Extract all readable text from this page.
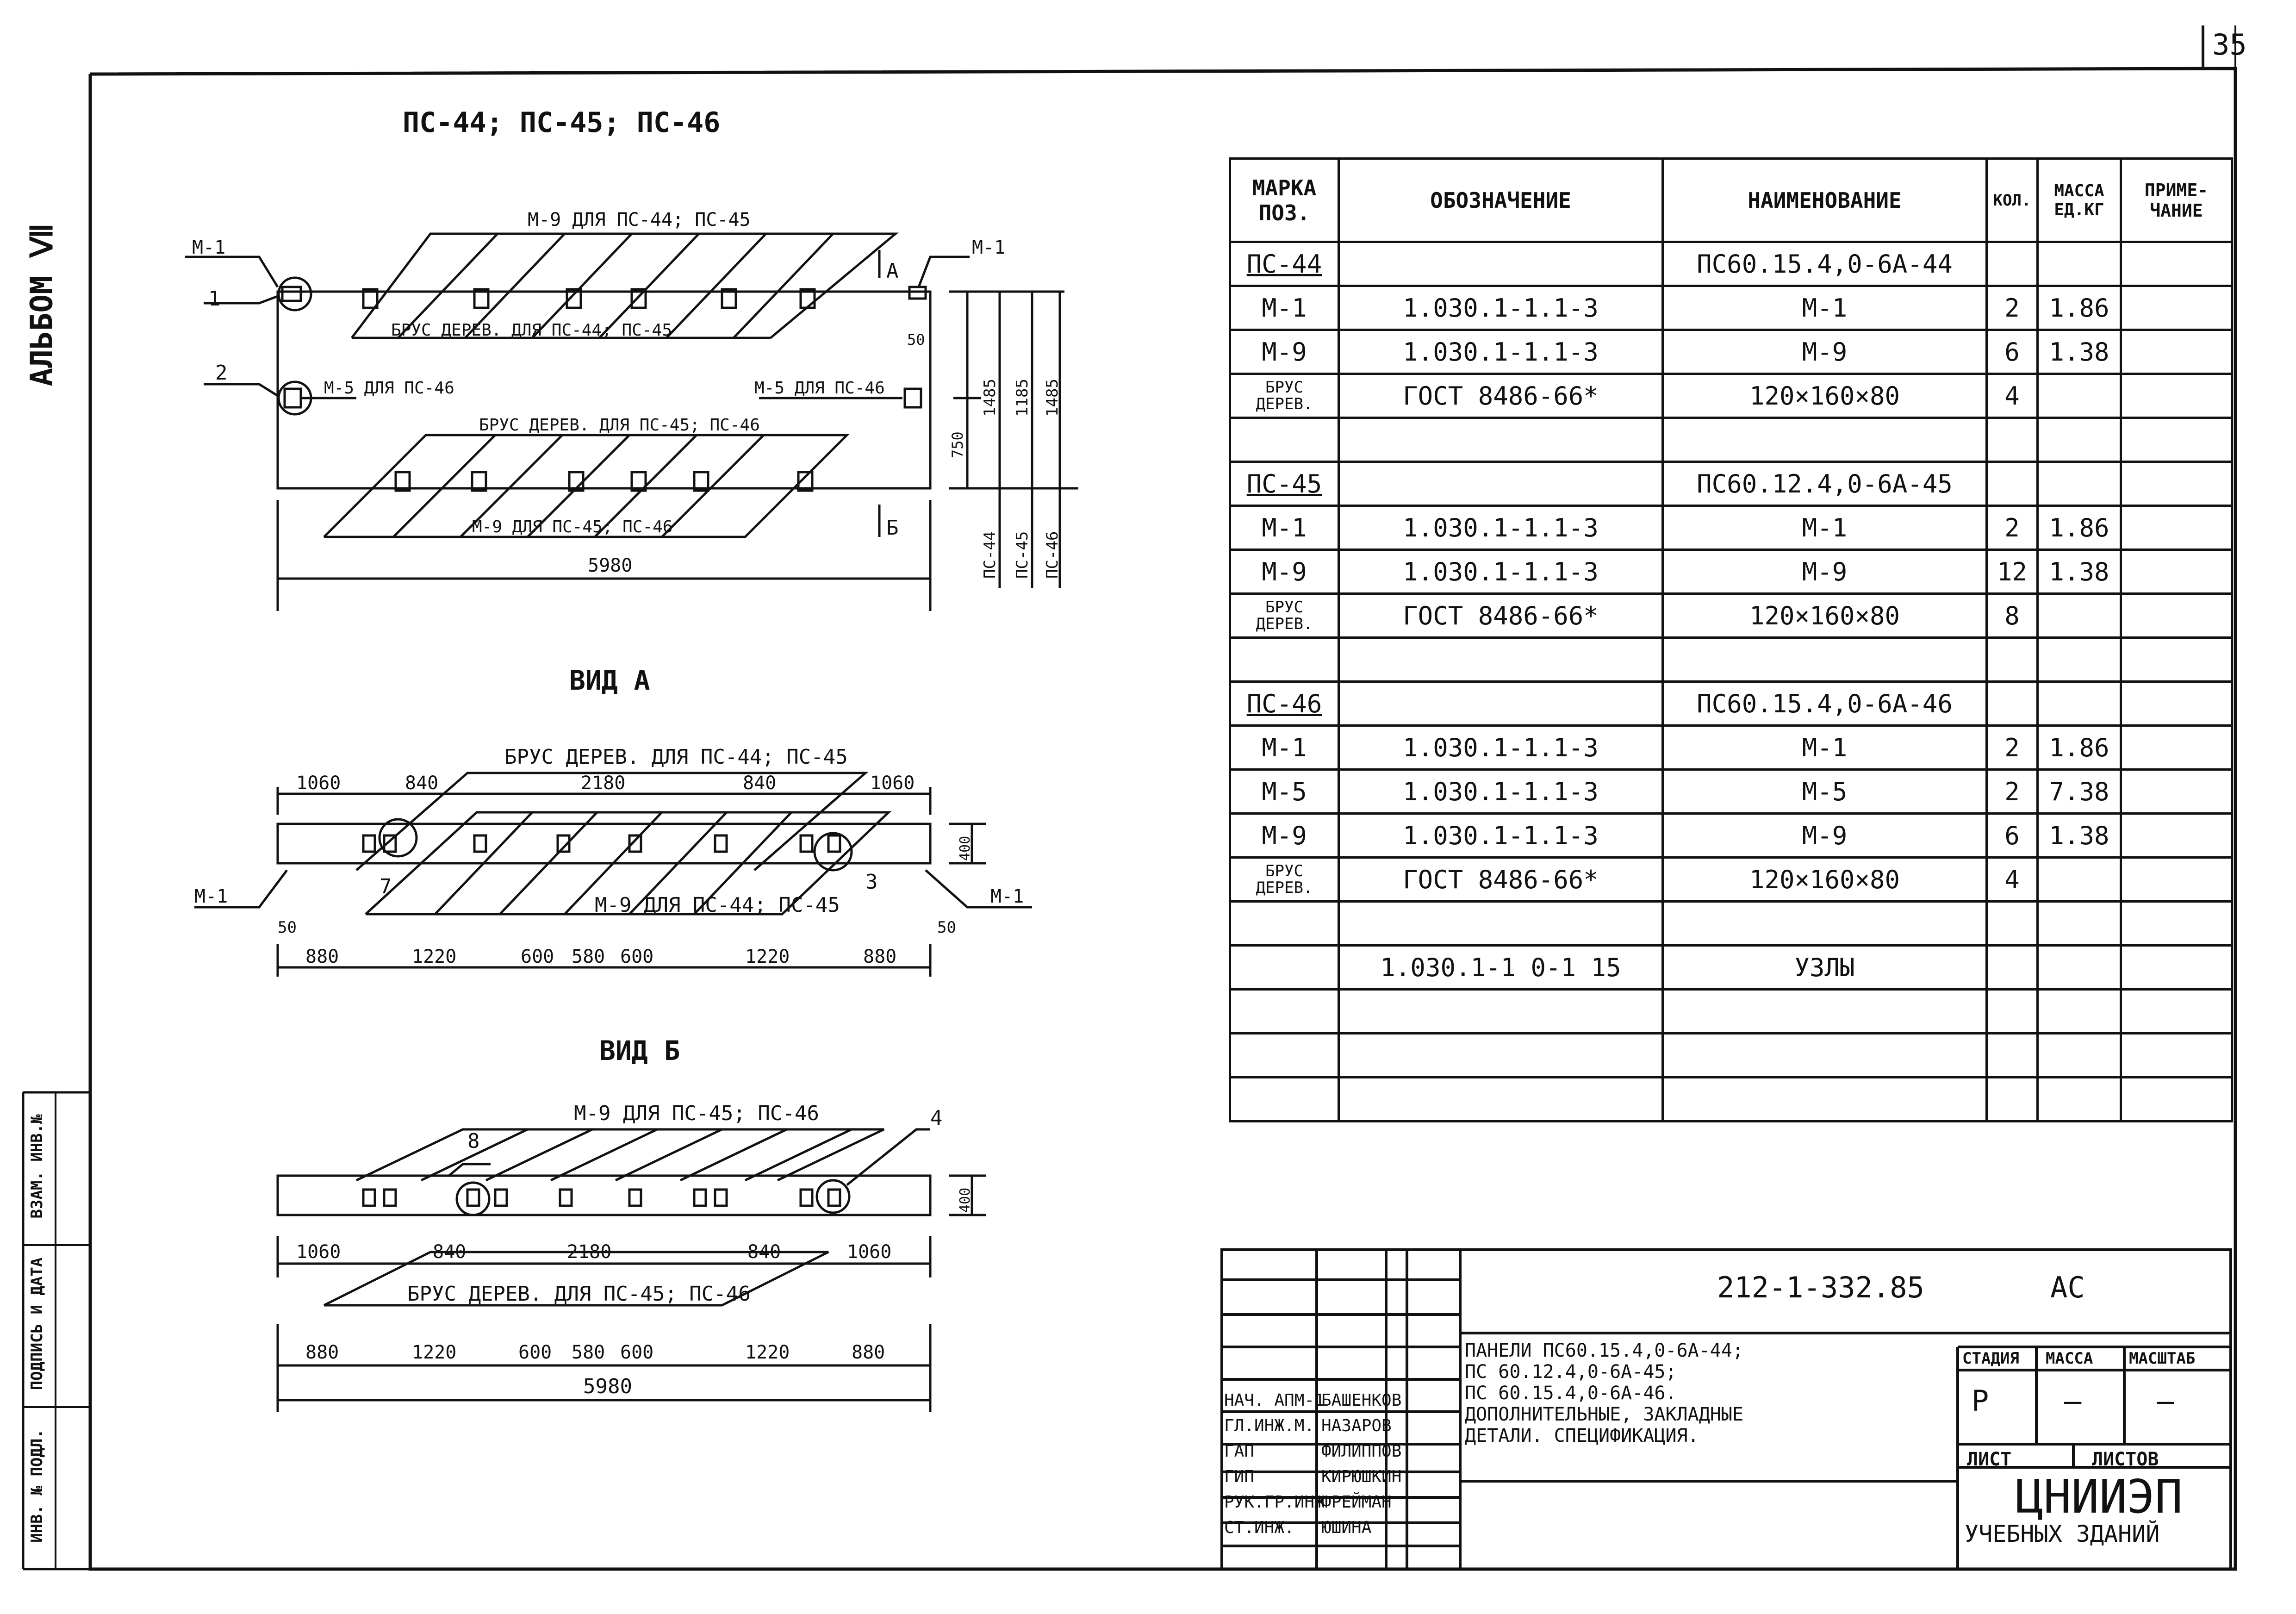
35
АЛЬБОМ Ⅶ
ВЗАМ. ИНВ.№
ПОДПИСЬ И ДАТА
ИНВ. № ПОДЛ.
ПС-44; ПС-45; ПС-46
М-9 ДЛЯ ПС-44; ПС-45
М-1	М-1
А
БРУС ДЕРЕВ. ДЛЯ ПС-44; ПС-45
М-5 ДЛЯ ПС-46	М-5 ДЛЯ ПС-46
БРУС ДЕРЕВ. ДЛЯ ПС-45; ПС-46
М-9 ДЛЯ ПС-45; ПС-46	Б
1
2
5980
50
750
1485 1185 1485
ПС-44 ПС-45 ПС-46
ВИД А
БРУС ДЕРЕВ. ДЛЯ ПС-44; ПС-45
1060	840	2180	840	1060
М-9 ДЛЯ ПС-44; ПС-45
М-1	М-1
7	3
400
50	50
880	1220	600 580 600	1220	880
ВИД Б
М-9 ДЛЯ ПС-45; ПС-46
8
4
400
1060	840	2180	840	1060
БРУС ДЕРЕВ. ДЛЯ ПС-45; ПС-46
880	1220	600 580 600	1220	880
5980
МАРКА ПОЗ.	ОБОЗНАЧЕНИЕ	НАИМЕНОВАНИЕ	КОЛ.	МАССА ЕД.КГ	ПРИМЕ-ЧАНИЕ
ПС-44		ПС60.15.4,0-6А-44			
М-1	1.030.1-1.1-3	М-1	2	1.86	
М-9	1.030.1-1.1-3	М-9	6	1.38	
БРУС ДЕРЕВ.	ГОСТ 8486-66*	120×160×80	4		

ПС-45		ПС60.12.4,0-6А-45			
М-1	1.030.1-1.1-3	М-1	2	1.86	
М-9	1.030.1-1.1-3	М-9	12	1.38	
БРУС ДЕРЕВ.	ГОСТ 8486-66*	120×160×80	8		

ПС-46		ПС60.15.4,0-6А-46			
М-1	1.030.1-1.1-3	М-1	2	1.86	
М-5	1.030.1-1.1-3	М-5	2	7.38	
М-9	1.030.1-1.1-3	М-9	6	1.38	
БРУС ДЕРЕВ.	ГОСТ 8486-66*	120×160×80	4		

	1.030.1-1 0-1 15	УЗЛЫ			

212-1-332.85	АС
ПАНЕЛИ ПС60.15.4,0-6А-44;
ПС 60.12.4,0-6А-45;
ПС 60.15.4,0-6А-46.
ДОПОЛНИТЕЛЬНЫЕ, ЗАКЛАДНЫЕ
ДЕТАЛИ. СПЕЦИФИКАЦИЯ.
СТАДИЯ МАССА МАСШТАБ
Р	—	—
ЛИСТ	ЛИСТОВ
ЦНИИЭП
УЧЕБНЫХ ЗДАНИЙ
НАЧ. АПМ-1
БАШЕНКОВ
ГЛ.ИНЖ.М. НАЗАРОВ
ГАП	ФИЛИППОВ
ГИП	КИРЮШКИН
РУК.ГР.ИНЖ
ФРЕЙМАН
СТ.ИНЖ.	ЮШИНА
